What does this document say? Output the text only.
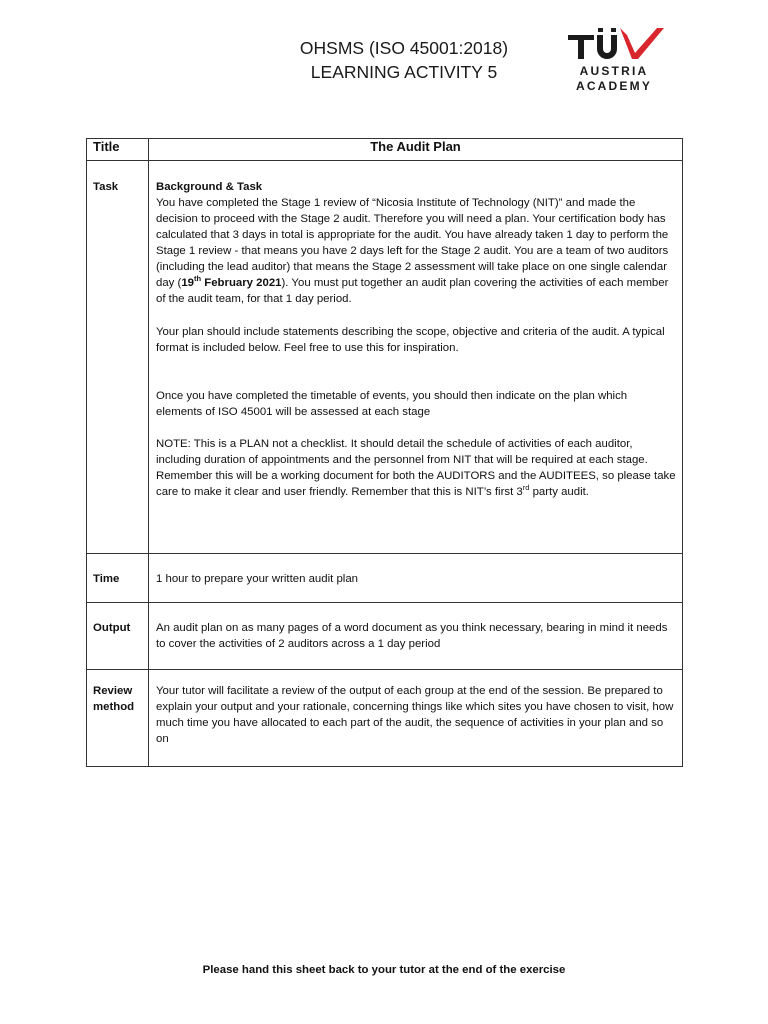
OHSMS (ISO 45001:2018)
LEARNING ACTIVITY 5	AUSTRIA
ACADEMY
Title	The Audit Plan

Task	Background & Task

You have completed the Stage 1 review of “Nicosia Institute of Technology (NIT)” and made the decision to proceed with the Stage 2 audit. Therefore you will need a plan. Your certification body has calculated that 3 days in total is appropriate for the audit. You have already taken 1 day to perform the Stage 1 review - that means you have 2 days left for the Stage 2 audit. You are a team of two auditors (including the lead auditor) that means the Stage 2 assessment will take place on one single calendar day (19th February 2021). You must put together an audit plan covering the activities of each member of the audit team, for that 1 day period.

Your plan should include statements describing the scope, objective and criteria of the audit. A typical format is included below. Feel free to use this for inspiration.

Once you have completed the timetable of events, you should then indicate on the plan which elements of ISO 45001 will be assessed at each stage

NOTE: This is a PLAN not a checklist. It should detail the schedule of activities of each auditor, including duration of appointments and the personnel from NIT that will be required at each stage. Remember this will be a working document for both the AUDITORS and the AUDITEES, so please take care to make it clear and user friendly. Remember that this is NIT’s first 3rd party audit.

Time	1 hour to prepare your written audit plan

Output	An audit plan on as many pages of a word document as you think necessary, bearing in mind it needs to cover the activities of 2 auditors across a 1 day period

Review
method	Your tutor will facilitate a review of the output of each group at the end of the session. Be prepared to explain your output and your rationale, concerning things like which sites you have chosen to visit, how much time you have allocated to each part of the audit, the sequence of activities in your plan and so on
Please hand this sheet back to your tutor at the end of the exercise
